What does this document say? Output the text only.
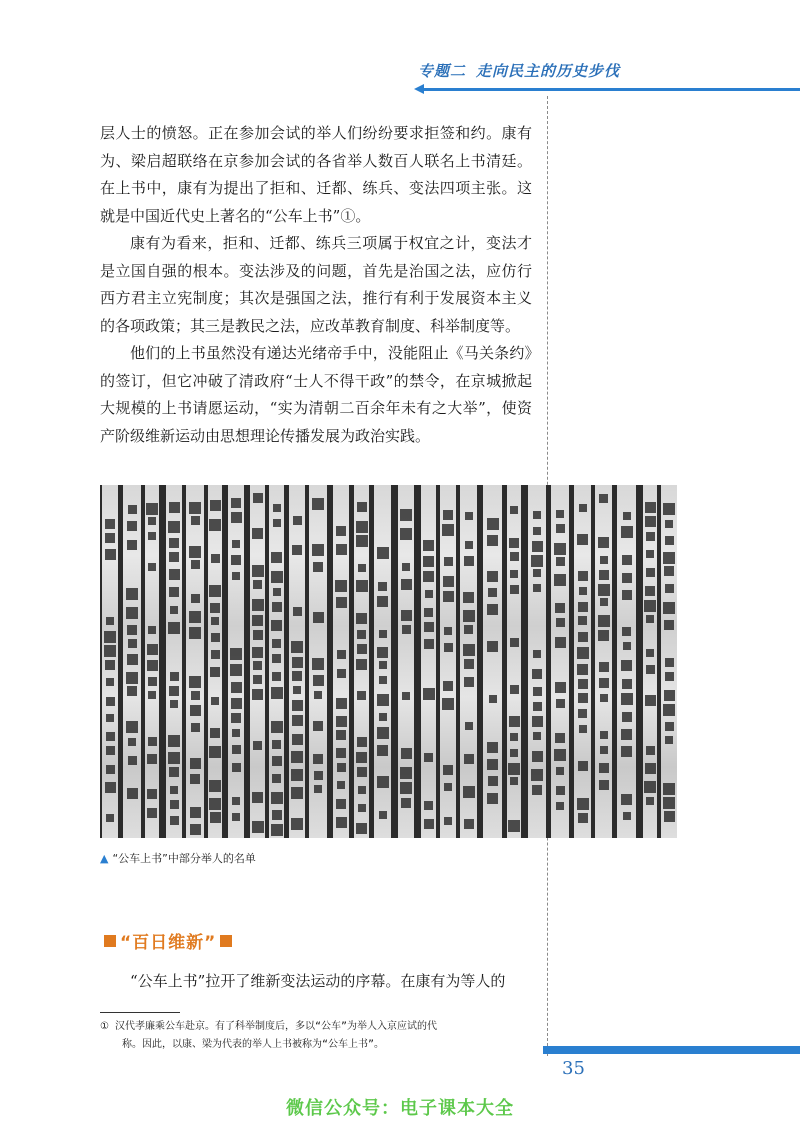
专题二 走向民主的历史步伐

层人士的愤怒。正在参加会试的举人们纷纷要求拒签和约。康有为、梁启超联络在京参加会试的各省举人数百人联名上书清廷。在上书中，康有为提出了拒和、迁都、练兵、变法四项主张。这就是中国近代史上著名的“公车上书”①。

康有为看来，拒和、迁都、练兵三项属于权宜之计，变法才是立国自强的根本。变法涉及的问题，首先是治国之法，应仿行西方君主立宪制度；其次是强国之法，推行有利于发展资本主义的各项政策；其三是教民之法，应改革教育制度、科举制度等。

他们的上书虽然没有递达光绪帝手中，没能阻止《马关条约》的签订，但它冲破了清政府“士人不得干政”的禁令，在京城掀起大规模的上书请愿运动，“实为清朝二百余年未有之大举”，使资产阶级维新运动由思想理论传播发展为政治实践。

▲ “公车上书”中部分举人的名单
“百日维新”
“公车上书”拉开了维新变法运动的序幕。在康有为等人的
① 汉代孝廉乘公车赴京。有了科举制度后，多以“公车”为举人入京应试的代
称。因此，以康、梁为代表的举人上书被称为“公车上书”。
35
微信公众号：电子课本大全
